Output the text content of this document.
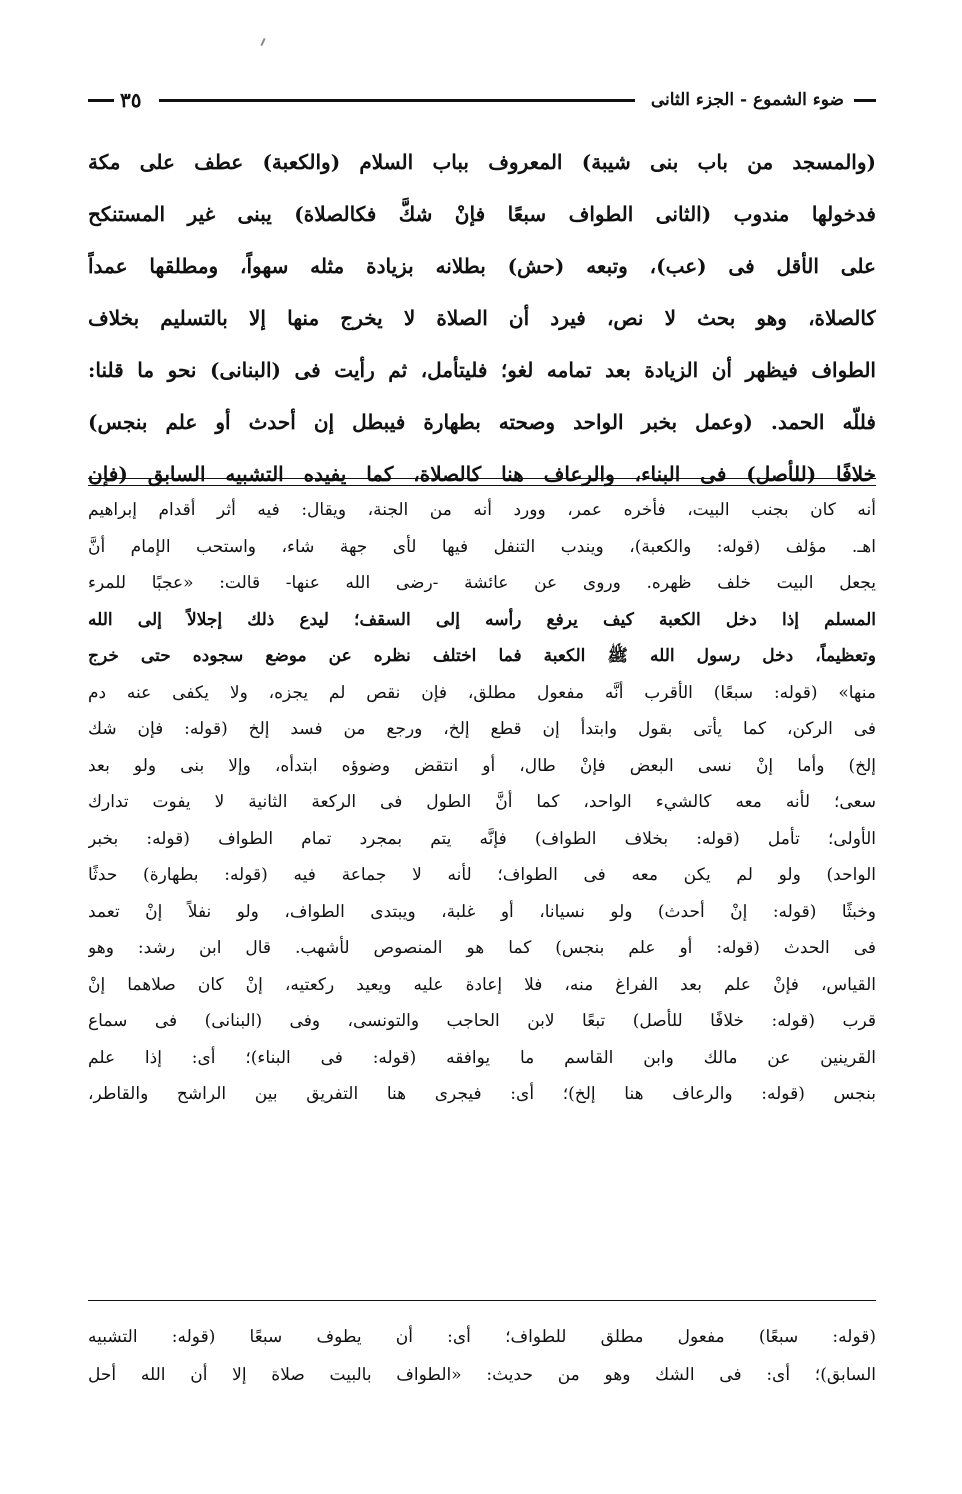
ضوء الشموع - الجزء الثانى
٣٥
(والمسجد من باب بنى شيبة) المعروف بباب السلام (والكعبة) عطف على مكة
فدخولها مندوب (الثانى الطواف سبعًا فإنْ شكَّ فكالصلاة) يبنى غير المستنكح
على الأقل فى (عب)، وتبعه (حش) بطلانه بزيادة مثله سهواً، ومطلقها عمداً
كالصلاة، وهو بحث لا نص، فيرد أن الصلاة لا يخرج منها إلا بالتسليم بخلاف
الطواف فيظهر أن الزيادة بعد تمامه لغو؛ فليتأمل، ثم رأيت فى (البنانى) نحو ما قلنا:
فللّه الحمد. (وعمل بخبر الواحد وصحته بطهارة فيبطل إن أحدث أو علم بنجس)
خلافًا (للأصل) فى البناء، والرعاف هنا كالصلاة، كما يفيده التشبيه السابق (فإن
أنه كان بجنب البيت، فأخره عمر، وورد أنه من الجنة، ويقال: فيه أثر أقدام إبراهيم
اهـ. مؤلف (قوله: والكعبة)، ويندب التنفل فيها لأى جهة شاء، واستحب الإمام أنَّ
يجعل البيت خلف ظهره. وروى عن عائشة -رضى الله عنها- قالت: «عجبًا للمرء
المسلم إذا دخل الكعبة كيف يرفع رأسه إلى السقف؛ ليدع ذلك إجلالاً إلى الله
وتعظيماً، دخل رسول الله ﷺ الكعبة فما اختلف نظره عن موضع سجوده حتى خرج
منها» (قوله: سبعًا) الأقرب أنَّه مفعول مطلق، فإن نقص لم يجزه، ولا يكفى عنه دم
فى الركن، كما يأتى بقول وابتدأ إن قطع إلخ، ورجع من فسد إلخ (قوله: فإن شك
إلخ) وأما إنْ نسى البعض فإنْ طال، أو انتقض وضوؤه ابتدأه، وإلا بنى ولو بعد
سعى؛ لأنه معه كالشيء الواحد، كما أنَّ الطول فى الركعة الثانية لا يفوت تدارك
الأولى؛ تأمل (قوله: بخلاف الطواف) فإنَّه يتم بمجرد تمام الطواف (قوله: بخبر
الواحد) ولو لم يكن معه فى الطواف؛ لأنه لا جماعة فيه (قوله: بطهارة) حدثًا
وخبثًا (قوله: إنْ أحدث) ولو نسيانا، أو غلبة، ويبتدى الطواف، ولو نفلاً إنْ تعمد
فى الحدث (قوله: أو علم بنجس) كما هو المنصوص لأشهب. قال ابن رشد: وهو
القياس، فإنْ علم بعد الفراغ منه، فلا إعادة عليه ويعيد ركعتيه، إنْ كان صلاهما إنْ
قرب (قوله: خلافًا للأصل) تبعًا لابن الحاجب والتونسى، وفى (البنانى) فى سماع
القرينين عن مالك وابن القاسم ما يوافقه (قوله: فى البناء)؛ أى: إذا علم
بنجس (قوله: والرعاف هنا إلخ)؛ أى: فيجرى هنا التفريق بين الراشح والقاطر،
(قوله: سبعًا) مفعول مطلق للطواف؛ أى: أن يطوف سبعًا (قوله: التشبيه
السابق)؛ أى: فى الشك وهو من حديث: «الطواف بالبيت صلاة إلا أن الله أحل
